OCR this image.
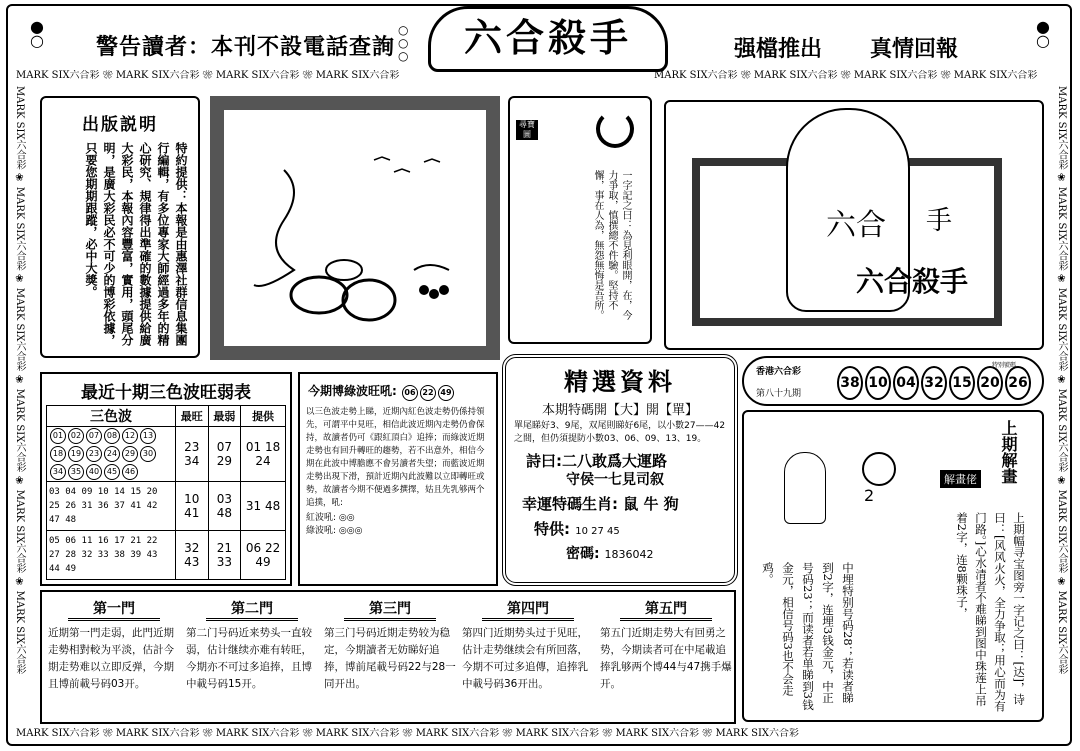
警告讀者：本刊不設電話查詢	六合殺手	强檔推出 真情回報
●
○
○
○
○
●
○
MARK SIX六合彩 ❀ MARK SIX六合彩 ❀ MARK SIX六合彩 ❀ MARK SIX六合彩	MARK SIX六合彩 ❀ MARK SIX六合彩 ❀ MARK SIX六合彩 ❀ MARK SIX六合彩
MARK SIX六合彩 ❀ MARK SIX六合彩 ❀ MARK SIX六合彩 ❀ MARK SIX六合彩 ❀ MARK SIX六合彩 ❀ MARK SIX六合彩 ❀ MARK SIX六合彩 ❀ MARK SIX六合彩
MARK SIX六合彩 ❀ MARK SIX六合彩 ❀ MARK SIX六合彩 ❀ MARK SIX六合彩 ❀ MARK SIX六合彩 ❀ MARK SIX六合彩
MARK SIX六合彩 ❀ MARK SIX六合彩 ❀ MARK SIX六合彩 ❀ MARK SIX六合彩 ❀ MARK SIX六合彩 ❀ MARK SIX六合彩
出版説明
特約提供：本報是由惠澤社群信息集團行編輯，有多位專家大師經過多年的精心研究、規律得出準確的數據提供給廣大彩民，本報內容豐富，實用，頭尾分明，是廣大彩民必不可少的博彩依據，只要您期期跟蹤，必中大獎。
尋寶圖
一字記之曰：為見利眼開，在，今力爭取，慎撰總不件驗。堅持不懈，事在人為，無怨無悔是吾所。	六合 手
六合殺手
最近十期三色波旺弱表
三色波	最旺	最弱	提供
01 02 07 08 12 1318 19 23 24 29 3034 35 40 45 46	23 34	07 29	01 18 24
03 04 09 10 14 15 20 25 26 31 36 37 41 42 47 48	10 41	03 48	31 48
05 06 11 16 17 21 22 27 28 32 33 38 39 43 44 49	32 43	21 33	06 22 49
今期博綠波旺吼: 06 22 49
以三色波走勢上睇，近期內紅色波走勢仍係持領先，可謂平中見旺，相信此波近期內走勢仍會保持，故讀者仍可《跟紅頂白》追捧；而綠波近期走勢也有回升轉旺的趨勢，若不出意外，相信今期在此波中博膽應不會另讀者失望；而藍波近期走勢出現下滑，預計近期內此波難以立即轉旺或勢，故讀者今期不便過多撰擇，姑且先乳够两个追撲，吼:
紅波吼: ◎◎
綠波吼: ◎◎◎
精選資料
本期特碼開【大】開【單】
單尾睇好3、9尾，双尾則睇好6尾，以小數27——42之間，但仍須提防小數03、06、09、13、19。
詩曰:二八敢爲大運路
守侯一七見司叙
幸運特碼生肖: 鼠 牛 狗
特供: 10 27 45
密碼: 1836042
香港六合彩
第八十九期
38 10 04 32 15 20 26
特别號碼
上期解畫
解畫佬
2
上期幅寻宝图旁一字记之曰：[达]，诗曰：[风风火火，全力争取；用心而为有门路。]心水清者不难睇到图中珠莲上吊着2字，连8颗珠子，
中埋特别号码28；若读者睇到2字，连埋3钱金元，中正号码23；而读者若单睇到3钱金元，相信号码3也不会走鸡。
第一門
近期第一門走弱，此門近期走勢相對較为平淡，估計今期走势难以立即反弹，今期且博前載号码03开。
第二門
第二门号码近来势头一直较弱，估计继续亦难有转旺，今期亦不可过多追捧，且博中載号码15开。
第三門
第三门号码近期走势较为稳定，今期讀者无妨睇好追捧，博前尾載号码22与28一同开出。
第四門
第四门近期势头过于见旺，估计走势继续会有所回落，今期不可过多追傳，追捧乳中載号码36开出。
第五門
第五门近期走势大有回勇之势，今期读者可在中尾載追捧乳够两个博44与47携手爆开。
